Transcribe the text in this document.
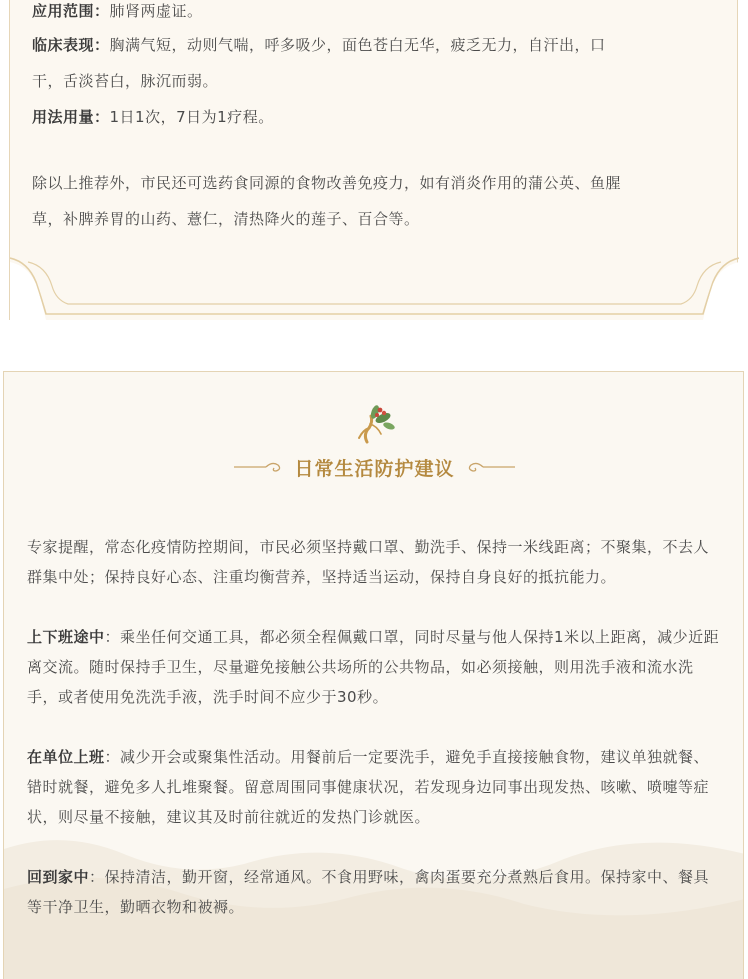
应用范围：肺肾两虚证。

临床表现：胸满气短，动则气喘，呼多吸少，面色苍白无华，疲乏无力，自汗出，口

干，舌淡苔白，脉沉而弱。

用法用量：1日1次，7日为1疗程。

除以上推荐外，市民还可选药食同源的食物改善免疫力，如有消炎作用的蒲公英、鱼腥

草，补脾养胃的山药、薏仁，清热降火的莲子、百合等。

日常生活防护建议

专家提醒，常态化疫情防控期间，市民必须坚持戴口罩、勤洗手、保持一米线距离；不聚集，不去人群集中处；保持良好心态、注重均衡营养，坚持适当运动，保持自身良好的抵抗能力。

上下班途中：乘坐任何交通工具，都必须全程佩戴口罩，同时尽量与他人保持1米以上距离，减少近距离交流。随时保持手卫生，尽量避免接触公共场所的公共物品，如必须接触，则用洗手液和流水洗手，或者使用免洗洗手液，洗手时间不应少于30秒。

在单位上班：减少开会或聚集性活动。用餐前后一定要洗手，避免手直接接触食物，建议单独就餐、错时就餐，避免多人扎堆聚餐。留意周围同事健康状况，若发现身边同事出现发热、咳嗽、喷嚏等症状，则尽量不接触，建议其及时前往就近的发热门诊就医。

回到家中：保持清洁，勤开窗，经常通风。不食用野味，禽肉蛋要充分煮熟后食用。保持家中、餐具等干净卫生，勤晒衣物和被褥。
